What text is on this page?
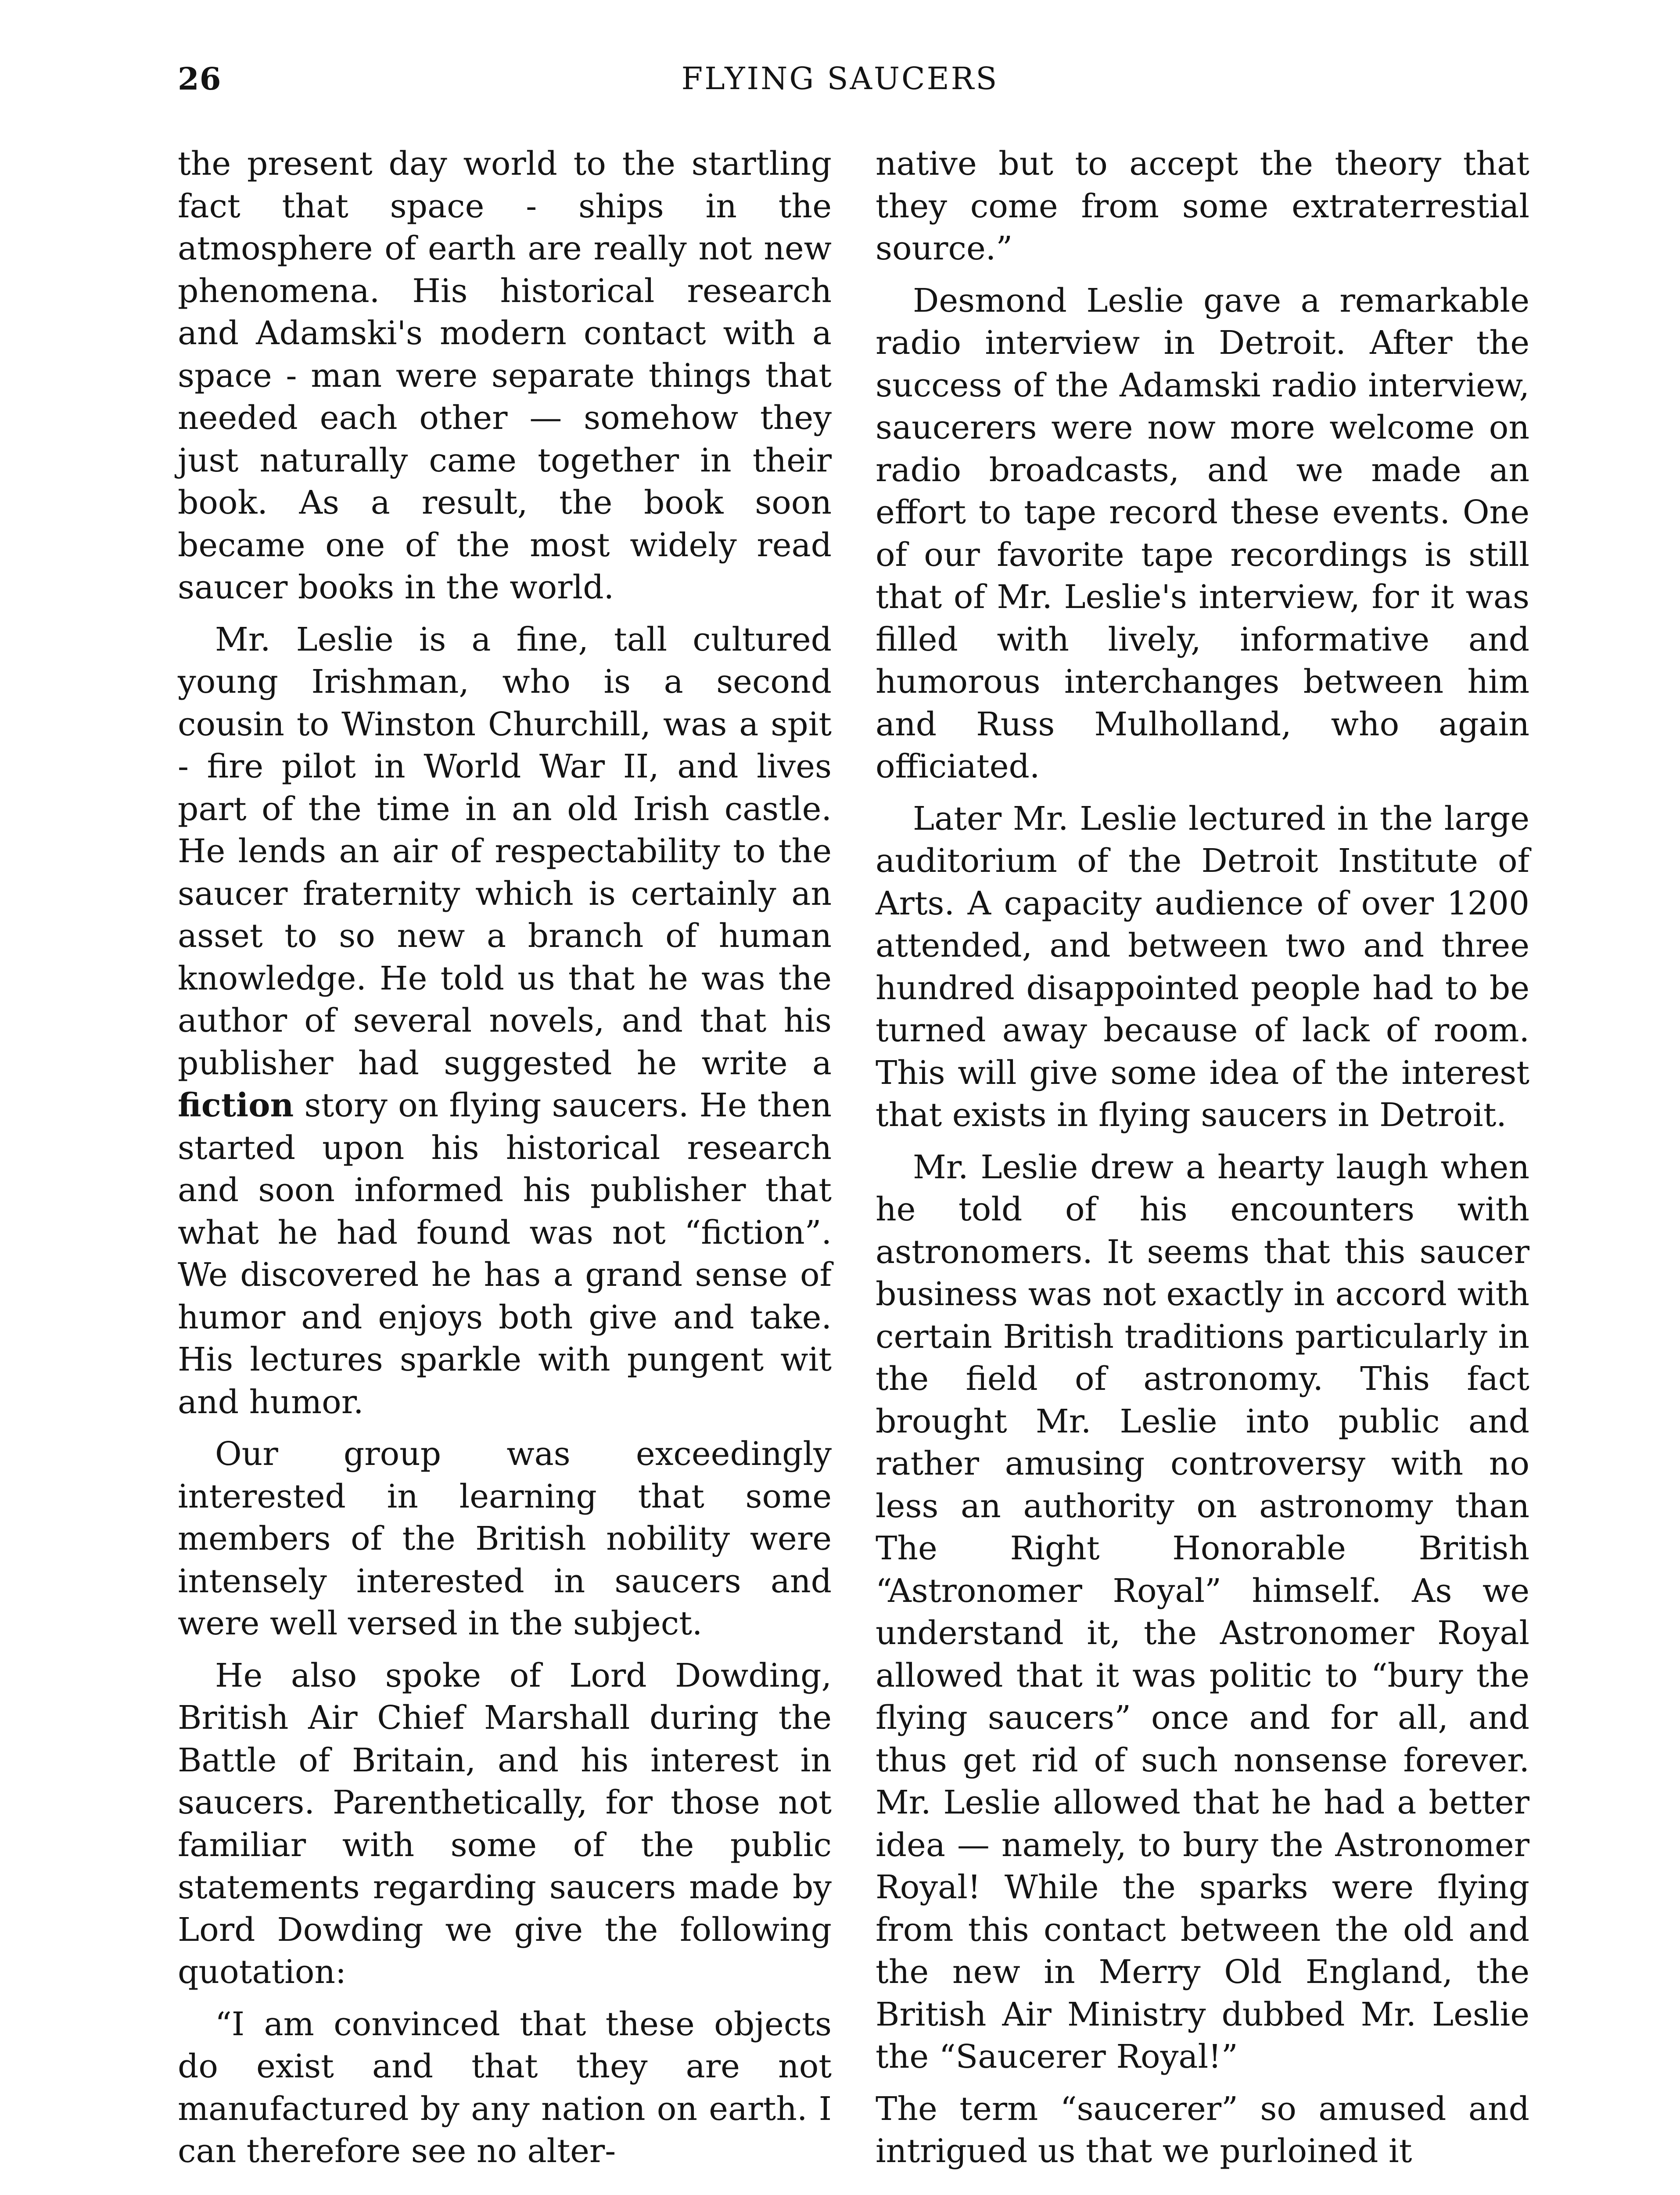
26	FLYING SAUCERS

the present day world to the startling fact that space - ships in the atmosphere of earth are really not new phenomena. His historical research and Adamski's modern contact with a space - man were separate things that needed each other — somehow they just naturally came together in their book. As a result, the book soon became one of the most widely read saucer books in the world.

Mr. Leslie is a fine, tall cultured young Irishman, who is a second cousin to Winston Churchill, was a spit - fire pilot in World War II, and lives part of the time in an old Irish castle. He lends an air of respectability to the saucer fraternity which is certainly an asset to so new a branch of human knowledge. He told us that he was the author of several novels, and that his publisher had suggested he write a fiction story on flying saucers. He then started upon his historical research and soon informed his publisher that what he had found was not “fiction”. We discovered he has a grand sense of humor and enjoys both give and take. His lectures sparkle with pungent wit and humor.

Our group was exceedingly interested in learning that some members of the British nobility were intensely interested in saucers and were well versed in the subject.

He also spoke of Lord Dowding, British Air Chief Marshall during the Battle of Britain, and his interest in saucers. Parenthetically, for those not familiar with some of the public statements regarding saucers made by Lord Dowding we give the following quotation:

“I am convinced that these objects do exist and that they are not manufactured by any nation on earth. I can therefore see no alter-

native but to accept the theory that they come from some extraterrestial source.”

Desmond Leslie gave a remarkable radio interview in Detroit. After the success of the Adamski radio interview, saucerers were now more welcome on radio broadcasts, and we made an effort to tape record these events. One of our favorite tape recordings is still that of Mr. Leslie's interview, for it was filled with lively, informative and humorous interchanges between him and Russ Mulholland, who again officiated.

Later Mr. Leslie lectured in the large auditorium of the Detroit Institute of Arts. A capacity audience of over 1200 attended, and between two and three hundred disappointed people had to be turned away because of lack of room. This will give some idea of the interest that exists in flying saucers in Detroit.

Mr. Leslie drew a hearty laugh when he told of his encounters with astronomers. It seems that this saucer business was not exactly in accord with certain British traditions particularly in the field of astronomy. This fact brought Mr. Leslie into public and rather amusing controversy with no less an authority on astronomy than The Right Honorable British “Astronomer Royal” himself. As we understand it, the Astronomer Royal allowed that it was politic to “bury the flying saucers” once and for all, and thus get rid of such nonsense forever. Mr. Leslie allowed that he had a better idea — namely, to bury the Astronomer Royal! While the sparks were flying from this contact between the old and the new in Merry Old England, the British Air Ministry dubbed Mr. Leslie the “Saucerer Royal!”

The term “saucerer” so amused and intrigued us that we purloined it
